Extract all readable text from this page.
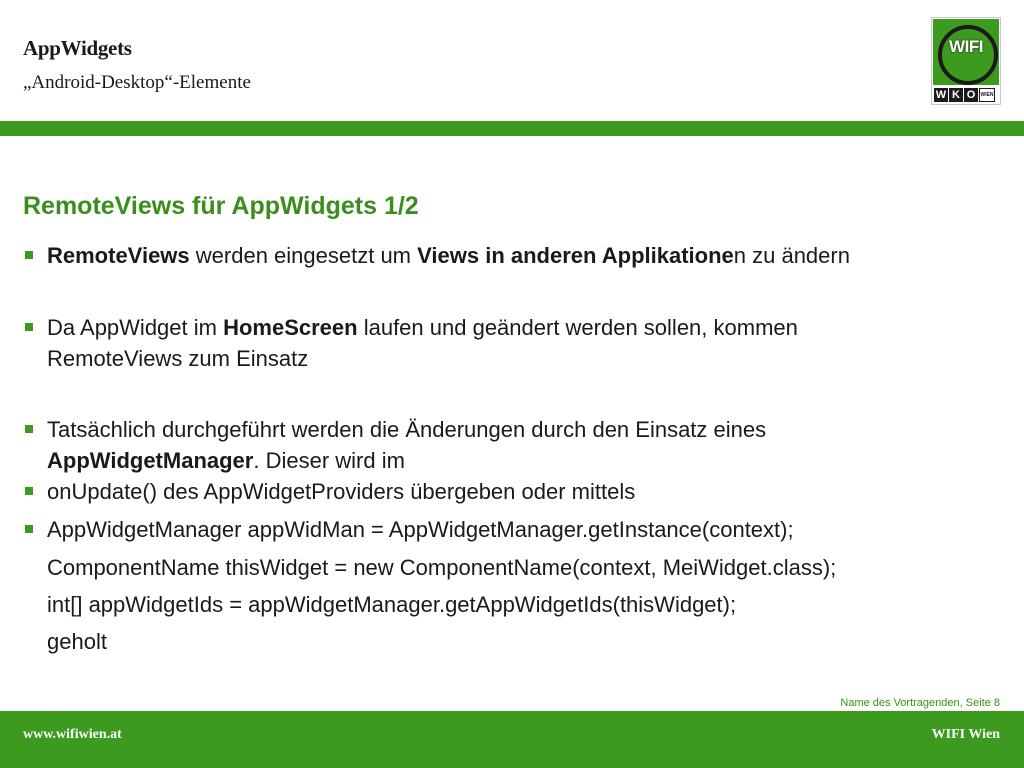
AppWidgets
„Android-Desktop“-Elemente
WIFI
W K O	WIEN
RemoteViews für AppWidgets 1/2
RemoteViews werden eingesetzt um Views in anderen Applikationen zu ändern
Da AppWidget im HomeScreen laufen und geändert werden sollen, kommen
RemoteViews zum Einsatz
Tatsächlich durchgeführt werden die Änderungen durch den Einsatz eines
AppWidgetManager. Dieser wird im
onUpdate() des AppWidgetProviders übergeben oder mittels
AppWidgetManager appWidMan = AppWidgetManager.getInstance(context);
ComponentName thisWidget = new ComponentName(context, MeiWidget.class);
int[] appWidgetIds = appWidgetManager.getAppWidgetIds(thisWidget);
geholt
Name des Vortragenden, Seite 8
www.wifiwien.at	WIFI Wien
